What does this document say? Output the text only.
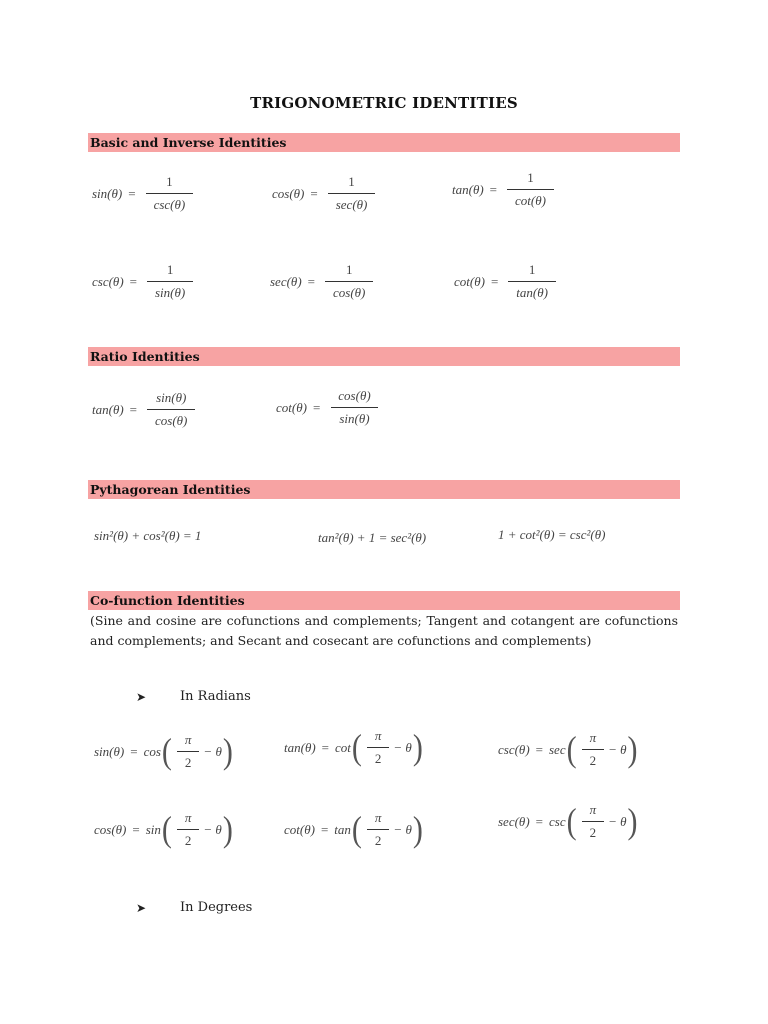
TRIGONOMETRIC IDENTITIES
Basic and Inverse Identities
$\sin(\theta) = \frac{1}{\csc(\theta)}$	$\cos(\theta) = \frac{1}{\sec(\theta)}$	$\tan(\theta) = \frac{1}{\cot(\theta)}$
$\csc(\theta) = \frac{1}{\sin(\theta)}$	$\sec(\theta) = \frac{1}{\cos(\theta)}$	$\cot(\theta) = \frac{1}{\tan(\theta)}$
Ratio Identities
$\tan(\theta) = \frac{\sin(\theta)}{\cos(\theta)}$	$\cot(\theta) = \frac{\cos(\theta)}{\sin(\theta)}$
Pythagorean Identities
sin²(θ) + cos²(θ) = 1	tan²(θ) + 1 = sec²(θ)	1 + cot²(θ) = csc²(θ)
Co-function Identities
(Sine and cosine are cofunctions and complements; Tangent and cotangent are cofunctions and complements; and Secant and cosecant are cofunctions and complements)
➤	In Radians
sin(θ) = cos ( $\frac{\pi}{2} - \theta$ )	tan(θ) = cot ( $\frac{\pi}{2} - \theta$ )	csc(θ) = sec ( $\frac{\pi}{2} - \theta$ )
cos(θ) = sin ( $\frac{\pi}{2} - \theta$ )	cot(θ) = tan ( $\frac{\pi}{2} - \theta$ )	sec(θ) = csc ( $\frac{\pi}{2} - \theta$ )
➤	In Degrees
